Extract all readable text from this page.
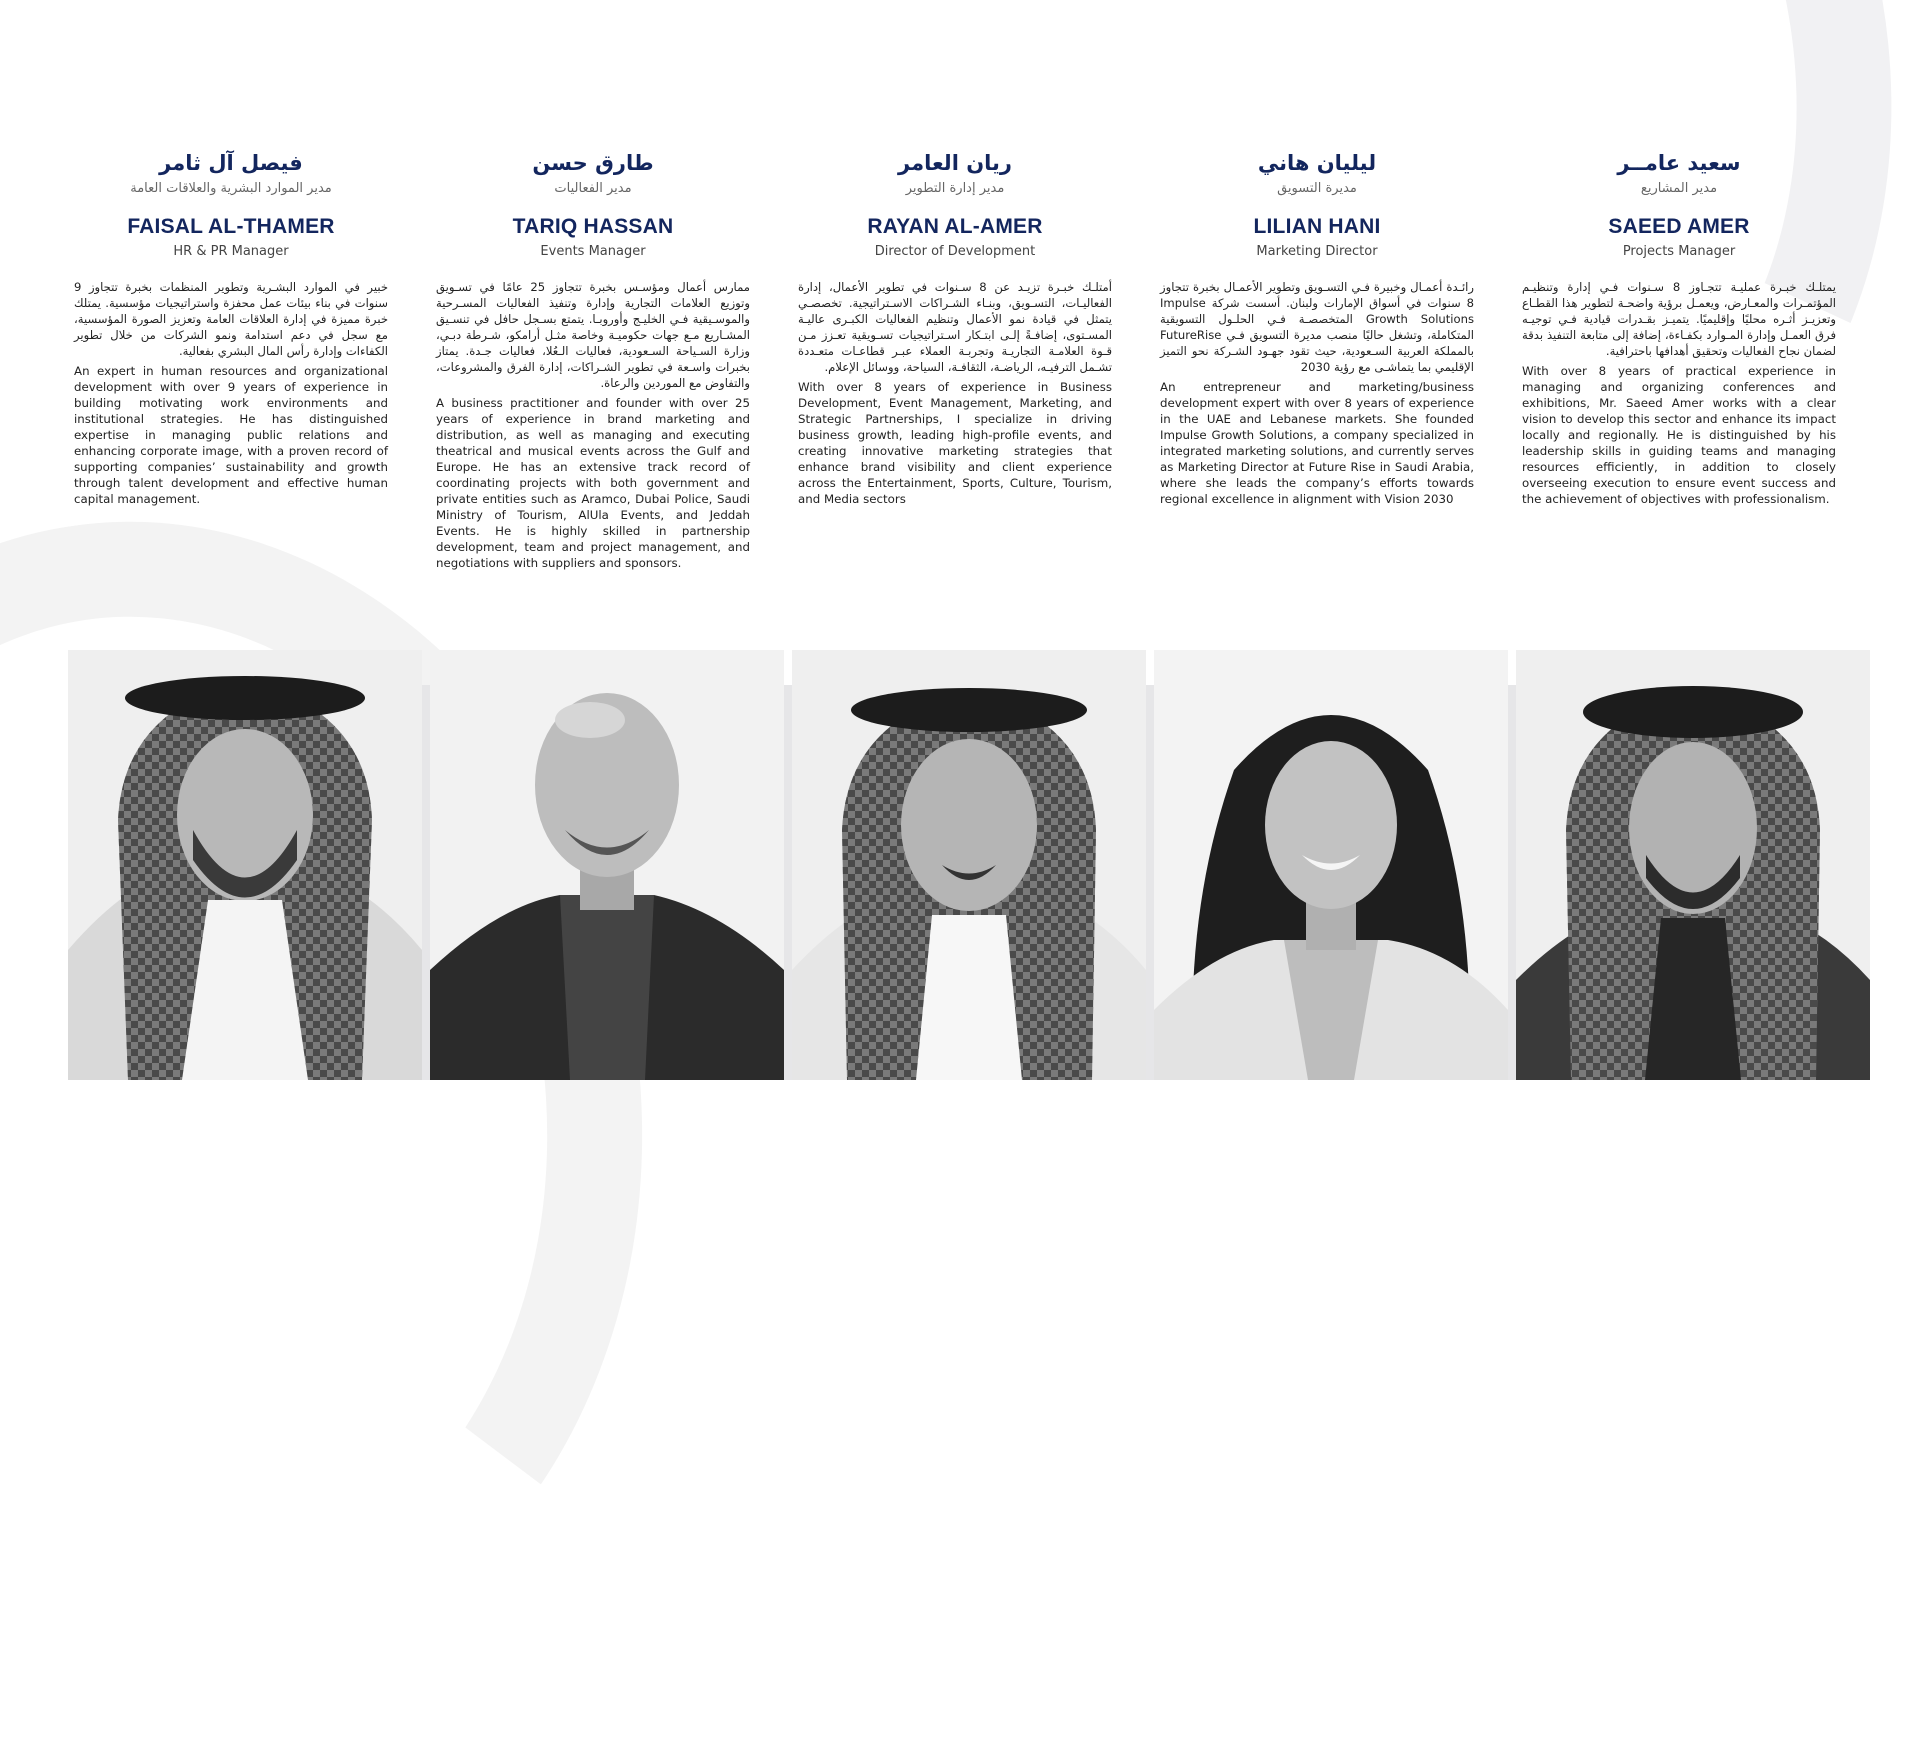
فيصل آل ثامر

مدير الموارد البشرية والعلاقات العامة

FAISAL AL-THAMER

HR & PR Manager

خبير في الموارد البشـرية وتطوير المنظمات بخبرة تتجاوز 9 سنوات في بناء بيئات عمل محفزة واستراتيجيات مؤسسية. يمتلك خبرة مميزة في إدارة العلاقات العامة وتعزيز الصورة المؤسسية، مع سجل في دعم استدامة ونمو الشركات من خلال تطوير الكفاءات وإدارة رأس المال البشري بفعالية.

An expert in human resources and organizational development with over 9 years of experience in building motivating work environments and institutional strategies. He has distinguished expertise in managing public relations and enhancing corporate image, with a proven record of supporting companies’ sustainability and growth through talent development and effective human capital management.

طارق حسن

مدير الفعاليات

TARIQ HASSAN

Events Manager

ممارس أعمال ومؤسـس بخبرة تتجاوز 25 عامًا في تسـويق وتوزيع العلامات التجارية وإدارة وتنفيذ الفعاليات المسـرحية والموسـيقية فـي الخليـج وأوروبـا. يتمتع بسـجل حافل في تنسـيق المشـاريع مـع جهات حكوميـة وخاصة مثـل أرامكو، شـرطة دبـي، وزارة السـياحة السـعودية، فعاليات الـعُلا، فعاليات جـدة. يمتاز بخبرات واسـعة في تطوير الشـراكات، إدارة الفرق والمشروعات، والتفاوض مع الموردين والرعاة.

A business practitioner and founder with over 25 years of experience in brand marketing and distribution, as well as managing and executing theatrical and musical events across the Gulf and Europe. He has an extensive track record of coordinating projects with both government and private entities such as Aramco, Dubai Police, Saudi Ministry of Tourism, AlUla Events, and Jeddah Events. He is highly skilled in partnership development, team and project management, and negotiations with suppliers and sponsors.

ريان العامر

مدير إدارة التطوير

RAYAN AL-AMER

Director of Development

أمتلـك خبـرة تزيـد عن 8 سـنوات في تطوير الأعمال، إدارة الفعاليـات، التسـويق، وبنـاء الشـراكات الاسـتراتيجية. تخصصـي يتمثل في قيادة نمو الأعمال وتنظيم الفعاليات الكبـرى عاليـة المسـتوى، إضافـةً إلـى ابتـكار اسـتراتيجيات تسـويقية تعـزز مـن قـوة العلامـة التجاريـة وتجربـة العملاء عبـر قطاعـات متعـددة تشـمل الترفيـه، الرياضـة، الثقافـة، السياحة، ووسائل الإعلام.

With over 8 years of experience in Business Development, Event Management, Marketing, and Strategic Partnerships, I specialize in driving business growth, leading high-profile events, and creating innovative marketing strategies that enhance brand visibility and client experience across the Entertainment, Sports, Culture, Tourism, and Media sectors

ليليان هاني

مديرة التسويق

LILIAN HANI

Marketing Director

رائـدة أعمـال وخبيرة فـي التسـويق وتطوير الأعمـال بخبرة تتجاوز 8 سنوات في أسواق الإمارات ولبنان. أسست شركة Impulse Growth Solutions المتخصصـة فـي الحلـول التسويقية المتكاملة، وتشغل حاليًا منصب مديرة التسويق فـي FutureRise بالمملكة العربية السـعودية، حيث تقود جهـود الشـركة نحو التميز الإقليمي بما يتماشـى مع رؤية 2030

An entrepreneur and marketing/business development expert with over 8 years of experience in the UAE and Lebanese markets. She founded Impulse Growth Solutions, a company specialized in integrated marketing solutions, and currently serves as Marketing Director at Future Rise in Saudi Arabia, where she leads the company’s efforts towards regional excellence in alignment with Vision 2030

سعيد عامــر

مدير المشاريع

SAEED AMER

Projects Manager

يمتلـك خبـرة عمليـة تتجـاوز 8 سـنوات فـي إدارة وتنظيـم المؤتمـرات والمعـارض، ويعمـل برؤية واضحـة لتطوير هذا القطـاع وتعزيـز أثـره محليًا وإقليميًا. يتميـز بقـدرات قيادية فـي توجيـه فرق العمـل وإدارة المـوارد بكفـاءة، إضافة إلى متابعة التنفيذ بدقة لضمان نجاح الفعاليات وتحقيق أهدافها باحترافية.

With over 8 years of practical experience in managing and organizing conferences and exhibitions, Mr. Saeed Amer works with a clear vision to develop this sector and enhance its impact locally and regionally. He is distinguished by his leadership skills in guiding teams and managing resources efficiently, in addition to closely overseeing execution to ensure event success and the achievement of objectives with professionalism.
